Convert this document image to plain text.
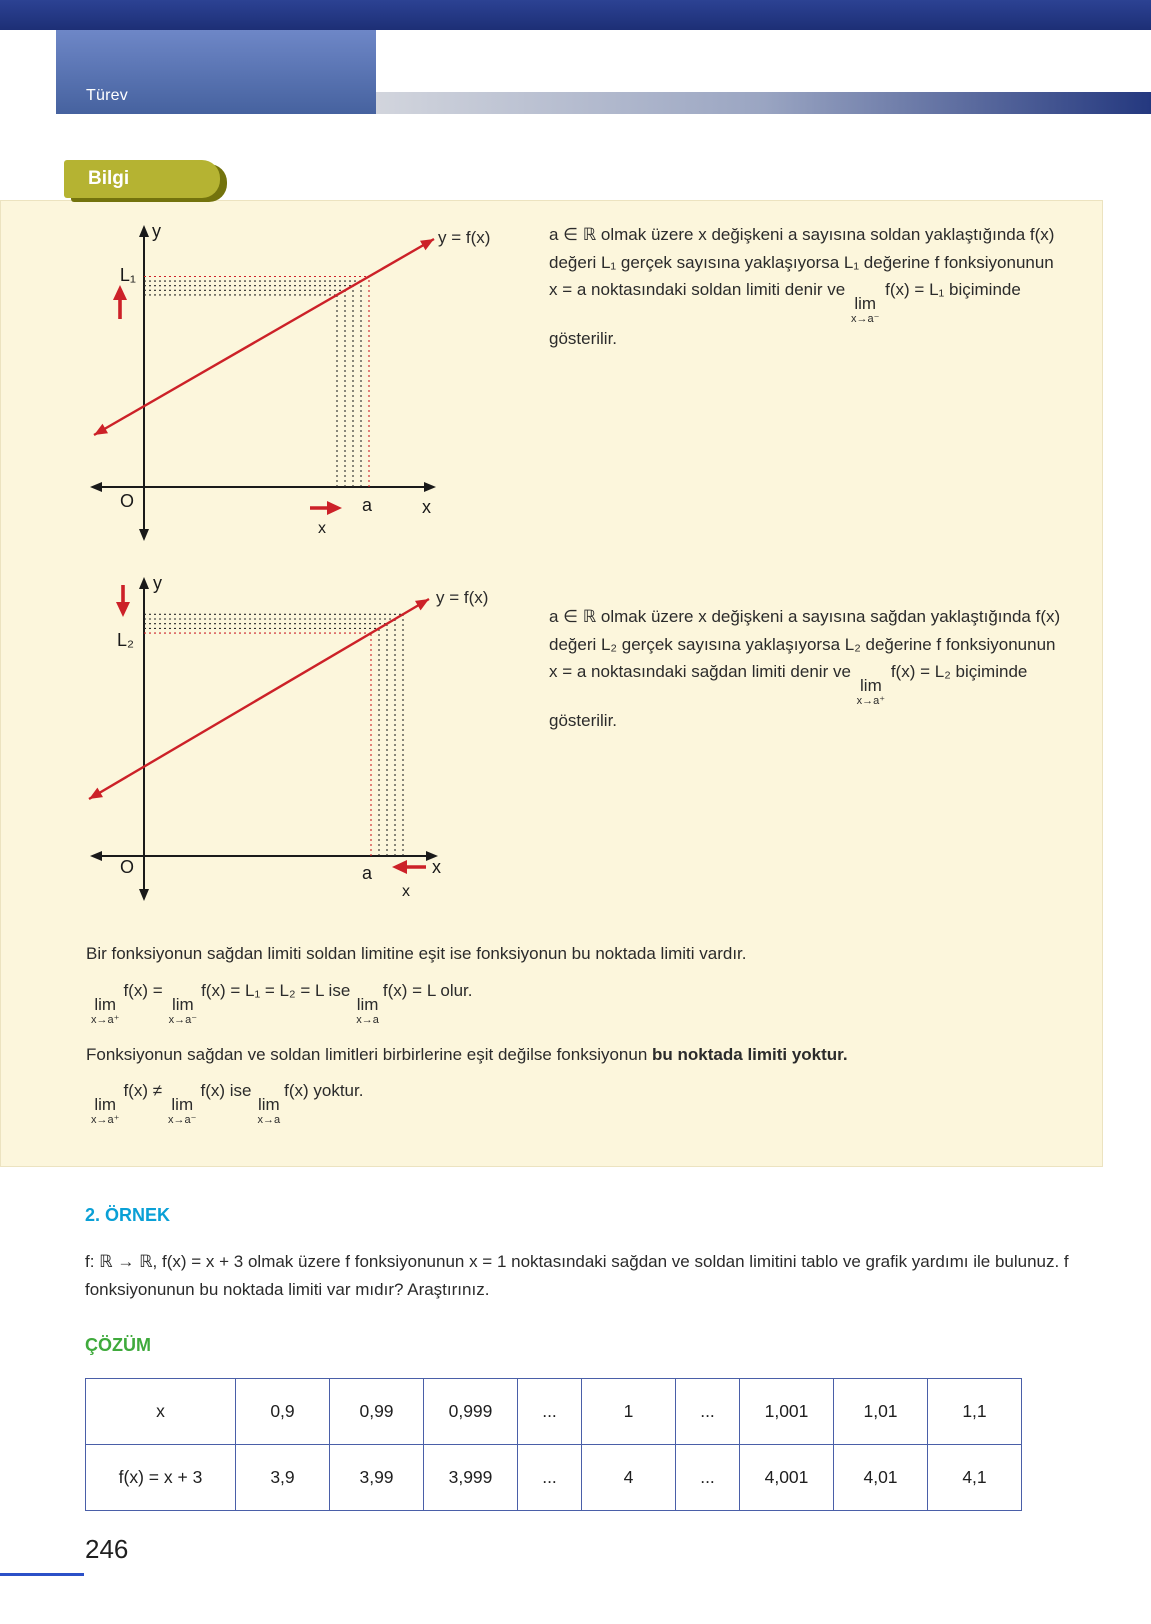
Türev
Bilgi
y
x
O
L₁
a
x
y = f(x)	a ∈ ℝ olmak üzere x değişkeni a sayısına soldan yaklaştığında f(x) değeri L₁ gerçek sayısına yaklaşıyorsa L₁ değerine f fonksiyonunun x = a noktasındaki soldan limiti denir ve
lim
x→a⁻
f(x) = L₁ biçiminde gösterilir.

y
x
O
L₂
a
x
y = f(x)

a ∈ ℝ olmak üzere x değişkeni a sayısına sağdan yaklaştığında f(x) değeri L₂ gerçek sayısına yaklaşıyorsa L₂ değerine f fonksiyonunun x = a noktasındaki sağdan limiti denir ve
lim
x→a⁺
f(x) = L₂ biçiminde gösterilir.

Bir fonksiyonun sağdan limiti soldan limitine eşit ise fonksiyonun bu noktada limiti vardır.

lim
x→a⁺
f(x) =
lim
x→a⁻
f(x) = L₁ = L₂ = L ise
lim
x→a
f(x) = L olur.

Fonksiyonun sağdan ve soldan limitleri birbirlerine eşit değilse fonksiyonun bu noktada limiti yoktur.

lim
x→a⁺
f(x) ≠
lim
x→a⁻
f(x) ise
lim
x→a
f(x) yoktur.

2. ÖRNEK

f: ℝ → ℝ, f(x) = x + 3 olmak üzere f fonksiyonunun x = 1 noktasındaki sağdan ve soldan limitini tablo ve grafik yardımı ile bulunuz. f fonksiyonunun bu noktada limiti var mıdır? Araştırınız.

ÇÖZÜM
x	0,9	0,99	0,999	...	1	...	1,001	1,01	1,1
f(x) = x + 3	3,9	3,99	3,999	...	4	...	4,001	4,01	4,1
246
